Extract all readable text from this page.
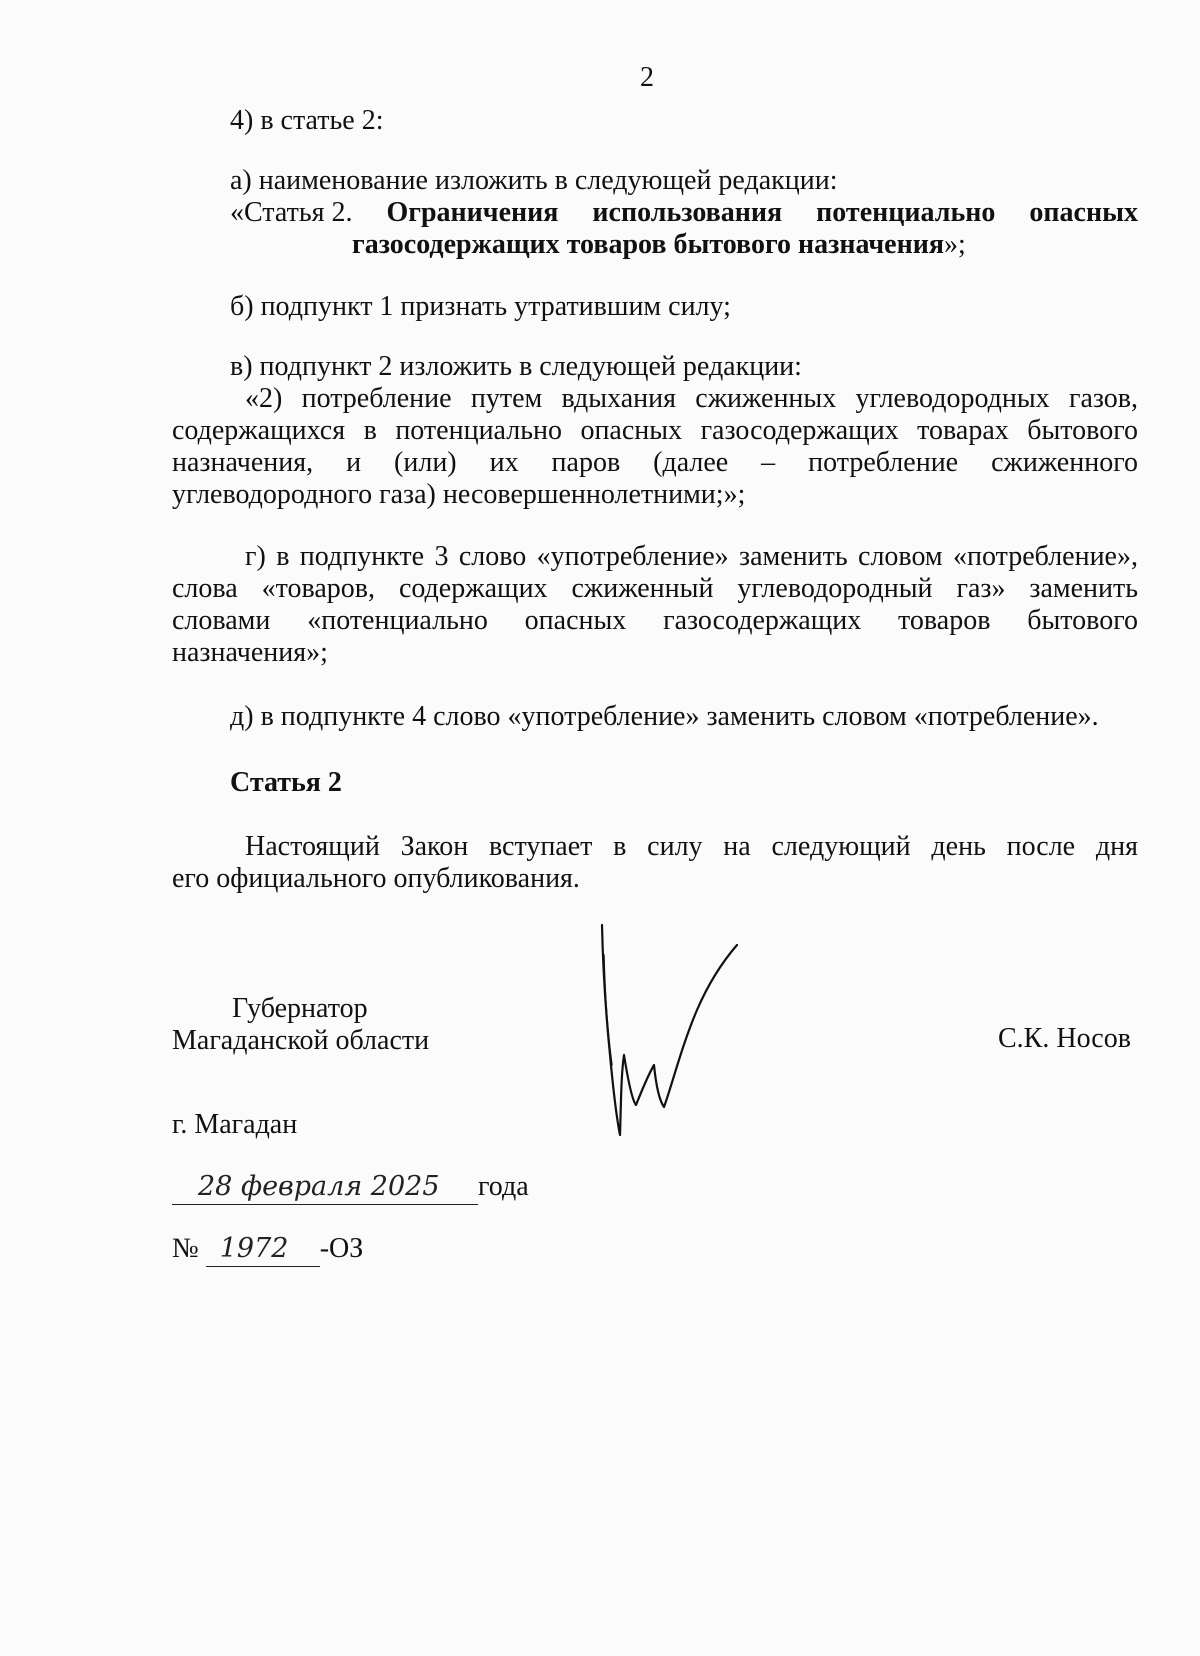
2
4) в статье 2:
а) наименование изложить в следующей редакции:
«Статья 2. Ограничения использования потенциально опасных
газосодержащих товаров бытового назначения»;
б) подпункт 1 признать утратившим силу;
в) подпункт 2 изложить в следующей редакции:
«2) потребление путем вдыхания сжиженных углеводородных газов,
содержащихся в потенциально опасных газосодержащих товарах бытового
назначения, и (или) их паров (далее – потребление сжиженного
углеводородного газа) несовершеннолетними;»;
г) в подпункте 3 слово «употребление» заменить словом «потребление»,
слова «товаров, содержащих сжиженный углеводородный газ» заменить
словами «потенциально опасных газосодержащих товаров бытового
назначения»;
д) в подпункте 4 слово «употребление» заменить словом «потребление».
Статья 2
Настоящий Закон вступает в силу на следующий день после дня
его официального опубликования.
Губернатор
Магаданской области	С.К. Носов
г. Магадан
28 февраля 2025 года
№ 1972 -ОЗ
